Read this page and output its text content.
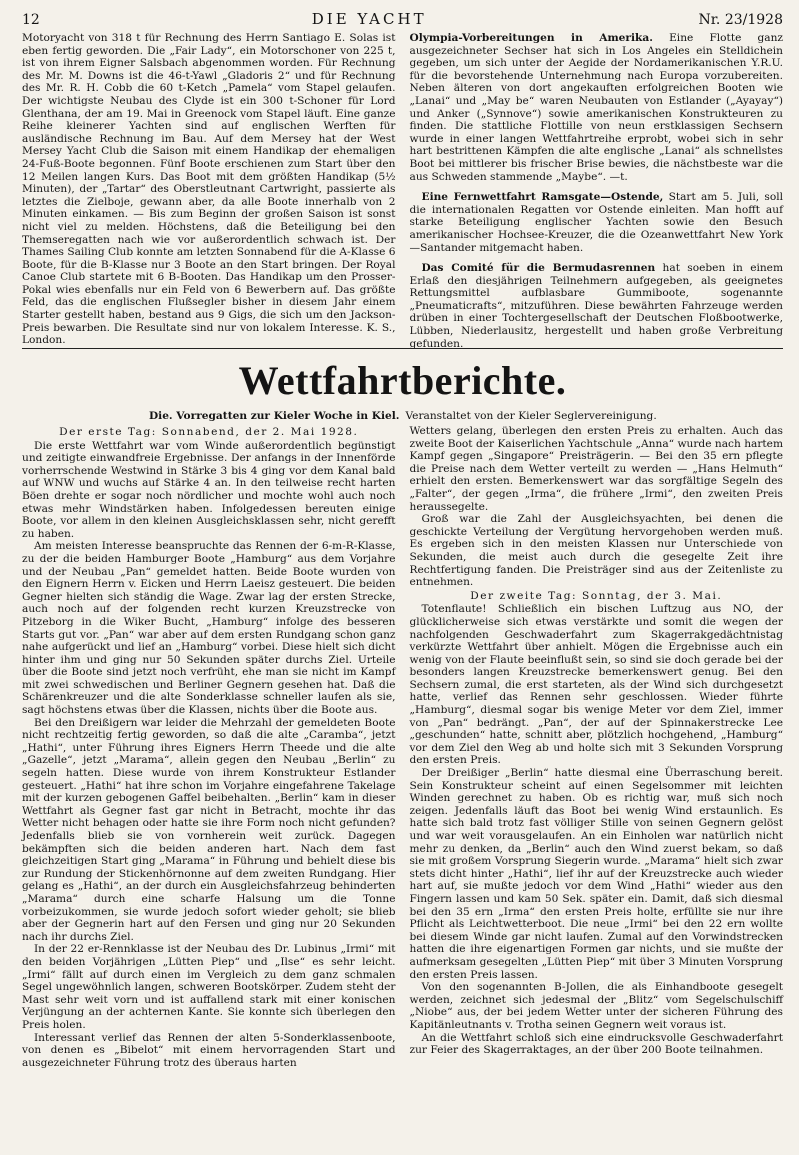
12	DIE YACHT	Nr. 23/1928

Motoryacht von 318 t für Rechnung des Herrn Santiago E. Solas ist eben fertig geworden. Die „Fair Lady“, ein Motorschoner von 225 t, ist von ihrem Eigner Salsbach abgenommen worden. Für Rechnung des Mr. M. Downs ist die 46-t-Yawl „Gladoris 2“ und für Rechnung des Mr. R. H. Cobb die 60 t-Ketch „Pamela“ vom Stapel gelaufen. Der wichtigste Neubau des Clyde ist ein 300 t-Schoner für Lord Glenthana, der am 19. Mai in Greenock vom Stapel läuft. Eine ganze Reihe kleinerer Yachten sind auf englischen Werften für ausländische Rechnung im Bau. Auf dem Mersey hat der West Mersey Yacht Club die Saison mit einem Handikap der ehemaligen 24-Fuß-Boote begonnen. Fünf Boote erschienen zum Start über den 12 Meilen langen Kurs. Das Boot mit dem größten Handikap (5½ Minuten), der „Tartar“ des Oberstleutnant Cartwright, passierte als letztes die Zielboje, gewann aber, da alle Boote innerhalb von 2 Minuten einkamen. — Bis zum Beginn der großen Saison ist sonst nicht viel zu melden. Höchstens, daß die Beteiligung bei den Themseregatten nach wie vor außerordentlich schwach ist. Der Thames Sailing Club konnte am letzten Sonnabend für die A-Klasse 6 Boote, für die B-Klasse nur 3 Boote an den Start bringen. Der Royal Canoe Club startete mit 6 B-Booten. Das Handikap um den Prosser-Pokal wies ebenfalls nur ein Feld von 6 Bewerbern auf. Das größte Feld, das die englischen Flußsegler bisher in diesem Jahr einem Starter gestellt haben, bestand aus 9 Gigs, die sich um den Jackson-Preis bewarben. Die Resultate sind nur von lokalem Interesse. K. S., London.

Olympia-Vorbereitungen in Amerika. Eine Flotte ganz ausgezeichneter Sechser hat sich in Los Angeles ein Stelldichein gegeben, um sich unter der Aegide der Nordamerikanischen Y.R.U. für die bevorstehende Unternehmung nach Europa vorzubereiten. Neben älteren von dort angekauften erfolgreichen Booten wie „Lanai“ und „May be“ waren Neubauten von Estlander („Ayayay“) und Anker („Synnove“) sowie amerikanischen Konstrukteuren zu finden. Die stattliche Flottille von neun erstklassigen Sechsern wurde in einer langen Wettfahrtreihe erprobt, wobei sich in sehr hart bestrittenen Kämpfen die alte englische „Lanai“ als schnellstes Boot bei mittlerer bis frischer Brise bewies, die nächstbeste war die aus Schweden stammende „Maybe“. —t.

Eine Fernwettfahrt Ramsgate—Ostende, Start am 5. Juli, soll die internationalen Regatten vor Ostende einleiten. Man hofft auf starke Beteiligung englischer Yachten sowie den Besuch amerikanischer Hochsee-Kreuzer, die die Ozeanwettfahrt New York—Santander mitgemacht haben.

Das Comité für die Bermudasrennen hat soeben in einem Erlaß den diesjährigen Teilnehmern aufgegeben, als geeignetes Rettungsmittel aufblasbare Gummiboote, sogenannte „Pneumaticrafts“, mitzuführen. Diese bewährten Fahrzeuge werden drüben in einer Tochtergesellschaft der Deutschen Floßbootwerke, Lübben, Niederlausitz, hergestellt und haben große Verbreitung gefunden.

Wettfahrtberichte.
Die. Vorregatten zur Kieler Woche in Kiel. Veranstaltet von der Kieler Seglervereinigung.
Der erste Tag: Sonnabend, der 2. Mai 1928.

Die erste Wettfahrt war vom Winde außerordentlich begünstigt und zeitigte einwandfreie Ergebnisse. Der anfangs in der Innenförde vorherrschende Westwind in Stärke 3 bis 4 ging vor dem Kanal bald auf WNW und wuchs auf Stärke 4 an. In den teilweise recht harten Böen drehte er sogar noch nördlicher und mochte wohl auch noch etwas mehr Windstärken haben. Infolgedessen bereuten einige Boote, vor allem in den kleinen Ausgleichsklassen sehr, nicht gerefft zu haben.

Am meisten Interesse beanspruchte das Rennen der 6-m-R-Klasse, zu der die beiden Hamburger Boote „Hamburg“ aus dem Vorjahre und der Neubau „Pan“ gemeldet hatten. Beide Boote wurden von den Eignern Herrn v. Eicken und Herrn Laeisz gesteuert. Die beiden Gegner hielten sich ständig die Wage. Zwar lag der ersten Strecke, auch noch auf der folgenden recht kurzen Kreuzstrecke von Pitzeborg in die Wiker Bucht, „Hamburg“ infolge des besseren Starts gut vor. „Pan“ war aber auf dem ersten Rundgang schon ganz nahe aufgerückt und lief an „Hamburg“ vorbei. Diese hielt sich dicht hinter ihm und ging nur 50 Sekunden später durchs Ziel. Urteile über die Boote sind jetzt noch verfrüht, ehe man sie nicht im Kampf mit zwei schwedischen und Berliner Gegnern gesehen hat. Daß die Schärenkreuzer und die alte Sonderklasse schneller laufen als sie, sagt höchstens etwas über die Klassen, nichts über die Boote aus.

Bei den Dreißigern war leider die Mehrzahl der gemeldeten Boote nicht rechtzeitig fertig geworden, so daß die alte „Caramba“, jetzt „Hathi“, unter Führung ihres Eigners Herrn Theede und die alte „Gazelle“, jetzt „Marama“, allein gegen den Neubau „Berlin“ zu segeln hatten. Diese wurde von ihrem Konstrukteur Estlander gesteuert. „Hathi“ hat ihre schon im Vorjahre eingefahrene Takelage mit der kurzen gebogenen Gaffel beibehalten. „Berlin“ kam in dieser Wettfahrt als Gegner fast gar nicht in Betracht, mochte ihr das Wetter nicht behagen oder hatte sie ihre Form noch nicht gefunden? Jedenfalls blieb sie von vornherein weit zurück. Dagegen bekämpften sich die beiden anderen hart. Nach dem fast gleichzeitigen Start ging „Marama“ in Führung und behielt diese bis zur Rundung der Stickenhörnonne auf dem zweiten Rundgang. Hier gelang es „Hathi“, an der durch ein Ausgleichsfahrzeug behinderten „Marama“ durch eine scharfe Halsung um die Tonne vorbeizukommen, sie wurde jedoch sofort wieder geholt; sie blieb aber der Gegnerin hart auf den Fersen und ging nur 20 Sekunden nach ihr durchs Ziel.

In der 22 er-Rennklasse ist der Neubau des Dr. Lubinus „Irmi“ mit den beiden Vorjährigen „Lütten Piep“ und „Ilse“ es sehr leicht. „Irmi“ fällt auf durch einen im Vergleich zu dem ganz schmalen Segel ungewöhnlich langen, schweren Bootskörper. Zudem steht der Mast sehr weit vorn und ist auffallend stark mit einer konischen Verjüngung an der achternen Kante. Sie konnte sich überlegen den Preis holen.

Interessant verlief das Rennen der alten 5-Sonderklassenboote, von denen es „Bibelot“ mit einem hervorragenden Start und ausgezeichneter Führung trotz des überaus harten

Wetters gelang, überlegen den ersten Preis zu erhalten. Auch das zweite Boot der Kaiserlichen Yachtschule „Anna“ wurde nach hartem Kampf gegen „Singapore“ Preisträgerin. — Bei den 35 ern pflegte die Preise nach dem Wetter verteilt zu werden — „Hans Helmuth“ erhielt den ersten. Bemerkenswert war das sorgfältige Segeln des „Falter“, der gegen „Irma“, die frühere „Irmi“, den zweiten Preis heraussegelte.

Groß war die Zahl der Ausgleichsyachten, bei denen die geschickte Verteilung der Vergütung hervorgehoben werden muß. Es ergeben sich in den meisten Klassen nur Unterschiede von Sekunden, die meist auch durch die gesegelte Zeit ihre Rechtfertigung fanden. Die Preisträger sind aus der Zeitenliste zu entnehmen.

Der zweite Tag: Sonntag, der 3. Mai.

Totenflaute! Schließlich ein bischen Luftzug aus NO, der glücklicherweise sich etwas verstärkte und somit die wegen der nachfolgenden Geschwaderfahrt zum Skagerrakgedächtnistag verkürzte Wettfahrt über anhielt. Mögen die Ergebnisse auch ein wenig von der Flaute beeinflußt sein, so sind sie doch gerade bei der besonders langen Kreuzstrecke bemerkenswert genug. Bei den Sechsern zumal, die erst starteten, als der Wind sich durchgesetzt hatte, verlief das Rennen sehr geschlossen. Wieder führte „Hamburg“, diesmal sogar bis wenige Meter vor dem Ziel, immer von „Pan“ bedrängt. „Pan“, der auf der Spinnakerstrecke Lee „geschunden“ hatte, schnitt aber, plötzlich hochgehend, „Hamburg“ vor dem Ziel den Weg ab und holte sich mit 3 Sekunden Vorsprung den ersten Preis.

Der Dreißiger „Berlin“ hatte diesmal eine Überraschung bereit. Sein Konstrukteur scheint auf einen Segelsommer mit leichten Winden gerechnet zu haben. Ob es richtig war, muß sich noch zeigen. Jedenfalls läuft das Boot bei wenig Wind erstaunlich. Es hatte sich bald trotz fast völliger Stille von seinen Gegnern gelöst und war weit vorausgelaufen. An ein Einholen war natürlich nicht mehr zu denken, da „Berlin“ auch den Wind zuerst bekam, so daß sie mit großem Vorsprung Siegerin wurde. „Marama“ hielt sich zwar stets dicht hinter „Hathi“, lief ihr auf der Kreuzstrecke auch wieder hart auf, sie mußte jedoch vor dem Wind „Hathi“ wieder aus den Fingern lassen und kam 50 Sek. später ein. Damit, daß sich diesmal bei den 35 ern „Irma“ den ersten Preis holte, erfüllte sie nur ihre Pflicht als Leichtwetterboot. Die neue „Irmi“ bei den 22 ern wollte bei diesem Winde gar nicht laufen. Zumal auf den Vorwindstrecken hatten die ihre eigenartigen Formen gar nichts, und sie mußte der aufmerksam gesegelten „Lütten Piep“ mit über 3 Minuten Vorsprung den ersten Preis lassen.

Von den sogenannten B-Jollen, die als Einhandboote gesegelt werden, zeichnet sich jedesmal der „Blitz“ vom Segelschulschiff „Niobe“ aus, der bei jedem Wetter unter der sicheren Führung des Kapitänleutnants v. Trotha seinen Gegnern weit voraus ist.

An die Wettfahrt schloß sich eine eindrucksvolle Geschwaderfahrt zur Feier des Skagerraktages, an der über 200 Boote teilnahmen.
